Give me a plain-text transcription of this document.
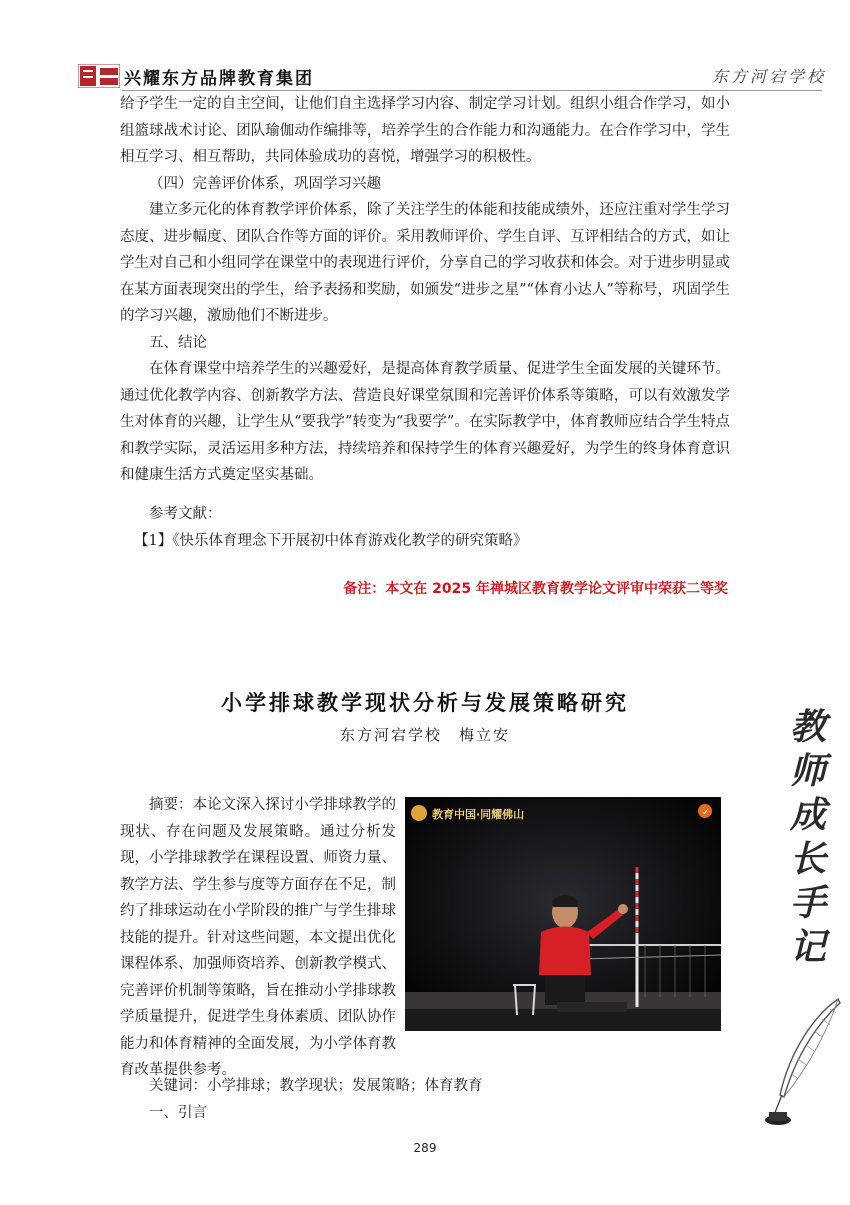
兴耀东方品牌教育集团	东方河宕学校

给予学生一定的自主空间，让他们自主选择学习内容、制定学习计划。组织小组合作学习，如小组篮球战术讨论、团队瑜伽动作编排等，培养学生的合作能力和沟通能力。在合作学习中，学生相互学习、相互帮助，共同体验成功的喜悦，增强学习的积极性。

（四）完善评价体系，巩固学习兴趣

建立多元化的体育教学评价体系，除了关注学生的体能和技能成绩外，还应注重对学生学习态度、进步幅度、团队合作等方面的评价。采用教师评价、学生自评、互评相结合的方式，如让学生对自己和小组同学在课堂中的表现进行评价，分享自己的学习收获和体会。对于进步明显或在某方面表现突出的学生，给予表扬和奖励，如颁发“进步之星”“体育小达人”等称号，巩固学生的学习兴趣，激励他们不断进步。

五、结论

在体育课堂中培养学生的兴趣爱好，是提高体育教学质量、促进学生全面发展的关键环节。通过优化教学内容、创新教学方法、营造良好课堂氛围和完善评价体系等策略，可以有效激发学生对体育的兴趣，让学生从“要我学”转变为“我要学”。在实际教学中，体育教师应结合学生特点和教学实际，灵活运用多种方法，持续培养和保持学生的体育兴趣爱好，为学生的终身体育意识和健康生活方式奠定坚实基础。

参考文献：

【1】《快乐体育理念下开展初中体育游戏化教学的研究策略》

备注：本文在 2025 年禅城区教育教学论文评审中荣获二等奖
小学排球教学现状分析与发展策略研究
东方河宕学校　梅立安

摘要：本论文深入探讨小学排球教学的现状、存在问题及发展策略。通过分析发现，小学排球教学在课程设置、师资力量、教学方法、学生参与度等方面存在不足，制约了排球运动在小学阶段的推广与学生排球技能的提升。针对这些问题，本文提出优化课程体系、加强师资培养、创新教学模式、完善评价机制等策略，旨在推动小学排球教学质量提升，促进学生身体素质、团队协作能力和体育精神的全面发展，为小学体育教育改革提供参考。

教育中国·同耀佛山	✓

关键词：小学排球；教学现状；发展策略；体育教育

一、引言

教
师
成
长
手
记
289
